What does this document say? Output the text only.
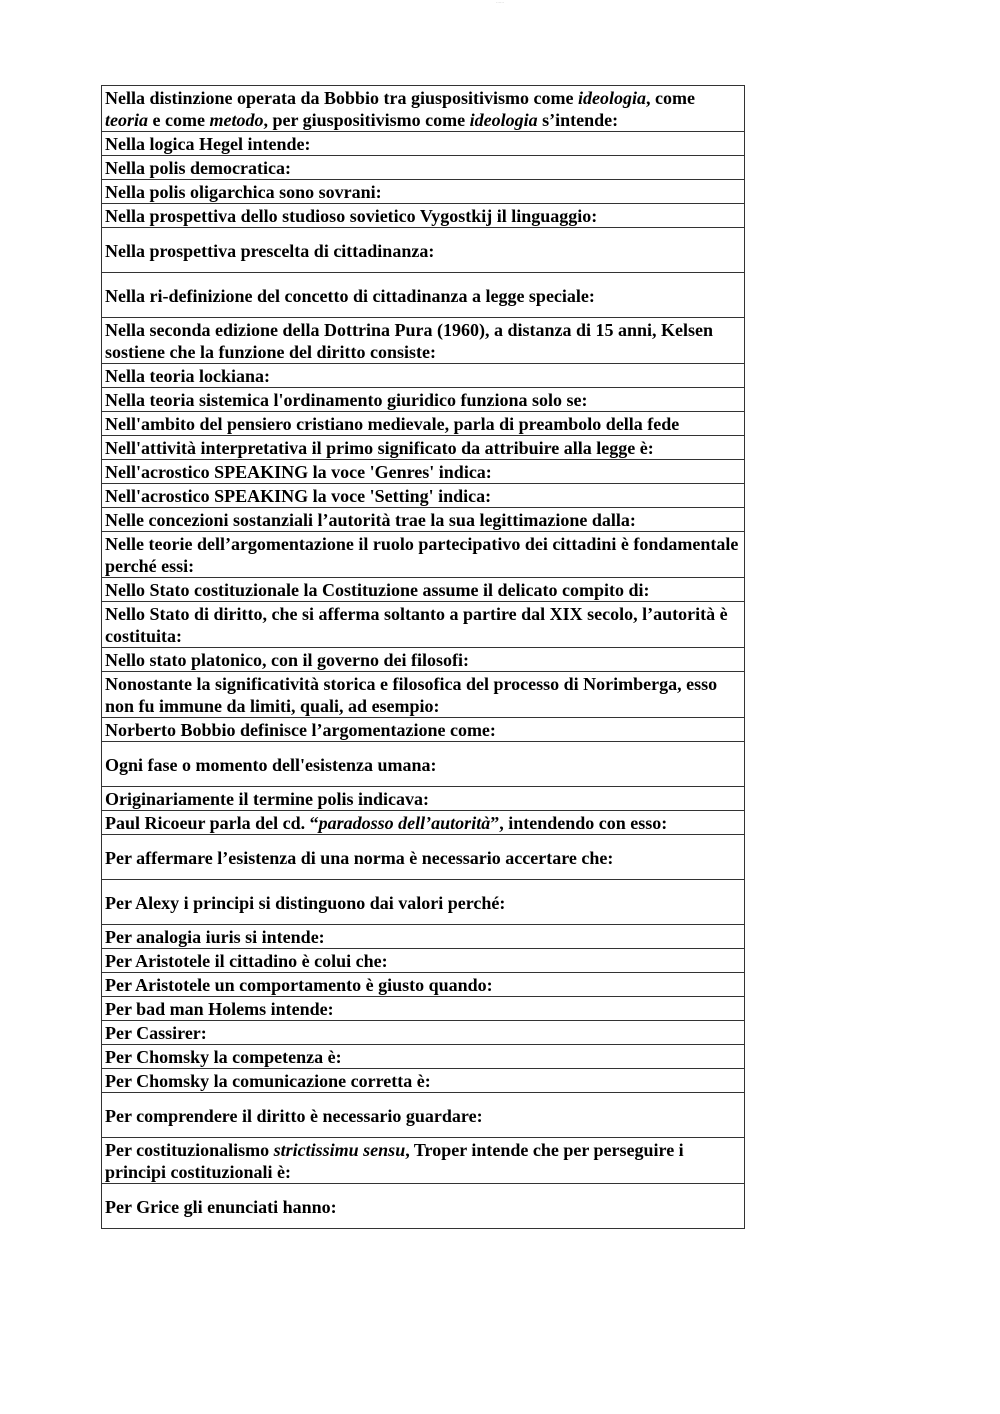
······
Nella distinzione operata da Bobbio tra giuspositivismo come ideologia, come teoria e come metodo, per giuspositivismo come ideologia s’intende:
Nella logica Hegel intende:
Nella polis democratica:
Nella polis oligarchica sono sovrani:
Nella prospettiva dello studioso sovietico Vygostkij il linguaggio:
Nella prospettiva prescelta di cittadinanza:
Nella ri-definizione del concetto di cittadinanza a legge speciale:
Nella seconda edizione della Dottrina Pura (1960), a distanza di 15 anni, Kelsen sostiene che la funzione del diritto consiste:
Nella teoria lockiana:
Nella teoria sistemica l'ordinamento giuridico funziona solo se:
Nell'ambito del pensiero cristiano medievale, parla di preambolo della fede
Nell'attività interpretativa il primo significato da attribuire alla legge è:
Nell'acrostico SPEAKING la voce 'Genres' indica:
Nell'acrostico SPEAKING la voce 'Setting' indica:
Nelle concezioni sostanziali l’autorità trae la sua legittimazione dalla:
Nelle teorie dell’argomentazione il ruolo partecipativo dei cittadini è fondamentale perché essi:
Nello Stato costituzionale la Costituzione assume il delicato compito di:
Nello Stato di diritto, che si afferma soltanto a partire dal XIX secolo, l’autorità è costituita:
Nello stato platonico, con il governo dei filosofi:
Nonostante la significatività storica e filosofica del processo di Norimberga, esso non fu immune da limiti, quali, ad esempio:
Norberto Bobbio definisce l’argomentazione come:
Ogni fase o momento dell'esistenza umana:
Originariamente il termine polis indicava:
Paul Ricoeur parla del cd. “paradosso dell’autorità”, intendendo con esso:
Per affermare l’esistenza di una norma è necessario accertare che:
Per Alexy i principi si distinguono dai valori perché:
Per analogia iuris si intende:
Per Aristotele il cittadino è colui che:
Per Aristotele un comportamento è giusto quando:
Per bad man Holems intende:
Per Cassirer:
Per Chomsky la competenza è:
Per Chomsky la comunicazione corretta è:
Per comprendere il diritto è necessario guardare:
Per costituzionalismo strictissimu sensu, Troper intende che per perseguire i principi costituzionali è:
Per Grice gli enunciati hanno:
